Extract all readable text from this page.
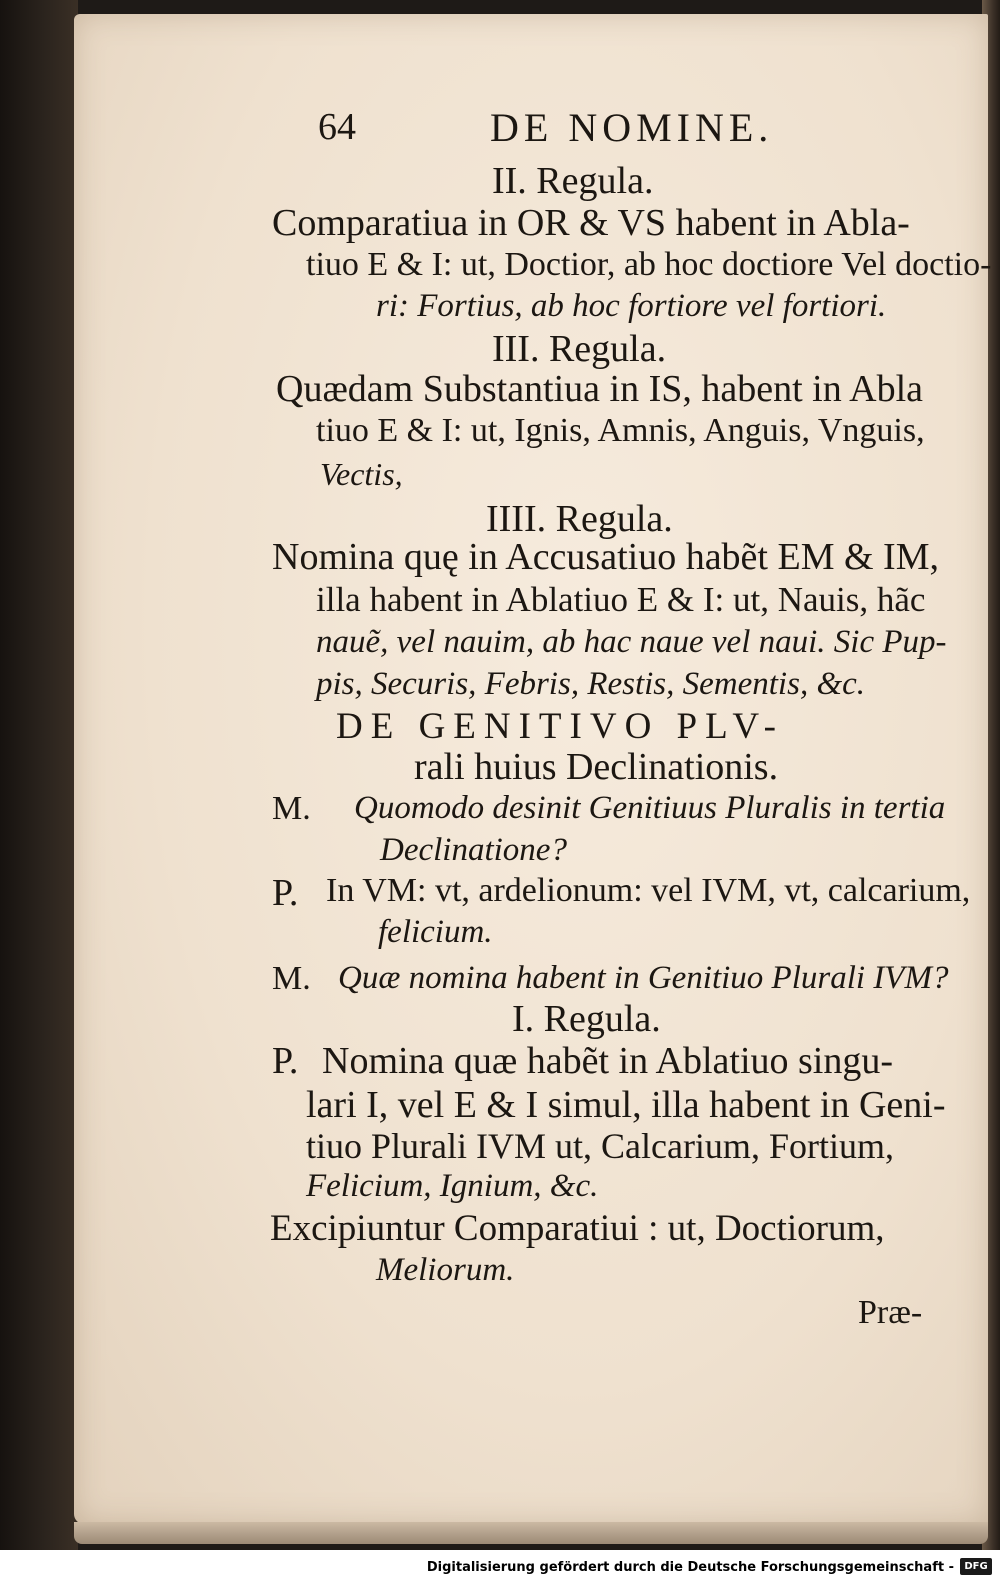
64	DE NOMINE.
II. Regula.
Comparatiua in OR & VS habent in Abla-
tiuo E & I: ut, Doctior, ab hoc doctiore Vel doctio-
ri: Fortius, ab hoc fortiore vel fortiori.
III. Regula.
Quædam Substantiua in IS, habent in Abla
tiuo E & I: ut, Ignis, Amnis, Anguis, Vnguis,
Vectis,
IIII. Regula.
Nomina quę in Accusatiuo habẽt EM & IM,
illa habent in Ablatiuo E & I: ut, Nauis, hãc
nauẽ, vel nauim, ab hac naue vel naui. Sic Pup-
pis, Securis, Febris, Restis, Sementis, &c.
DE GENITIVO PLV-
rali huius Declinationis.
M. Quomodo desinit Genitiuus Pluralis in tertia
Declinatione?
P. In VM: vt, ardelionum: vel IVM, vt, calcarium,
felicium.
M. Quæ nomina habent in Genitiuo Plurali IVM?
I. Regula.
P. Nomina quæ habẽt in Ablatiuo singu-
lari I, vel E & I simul, illa habent in Geni-
tiuo Plurali IVM ut, Calcarium, Fortium,
Felicium, Ignium, &c.
Excipiuntur Comparatiui : ut, Doctiorum,
Meliorum.
Præ-
Digitalisierung gefördert durch die Deutsche Forschungsgemeinschaft -	DFG
